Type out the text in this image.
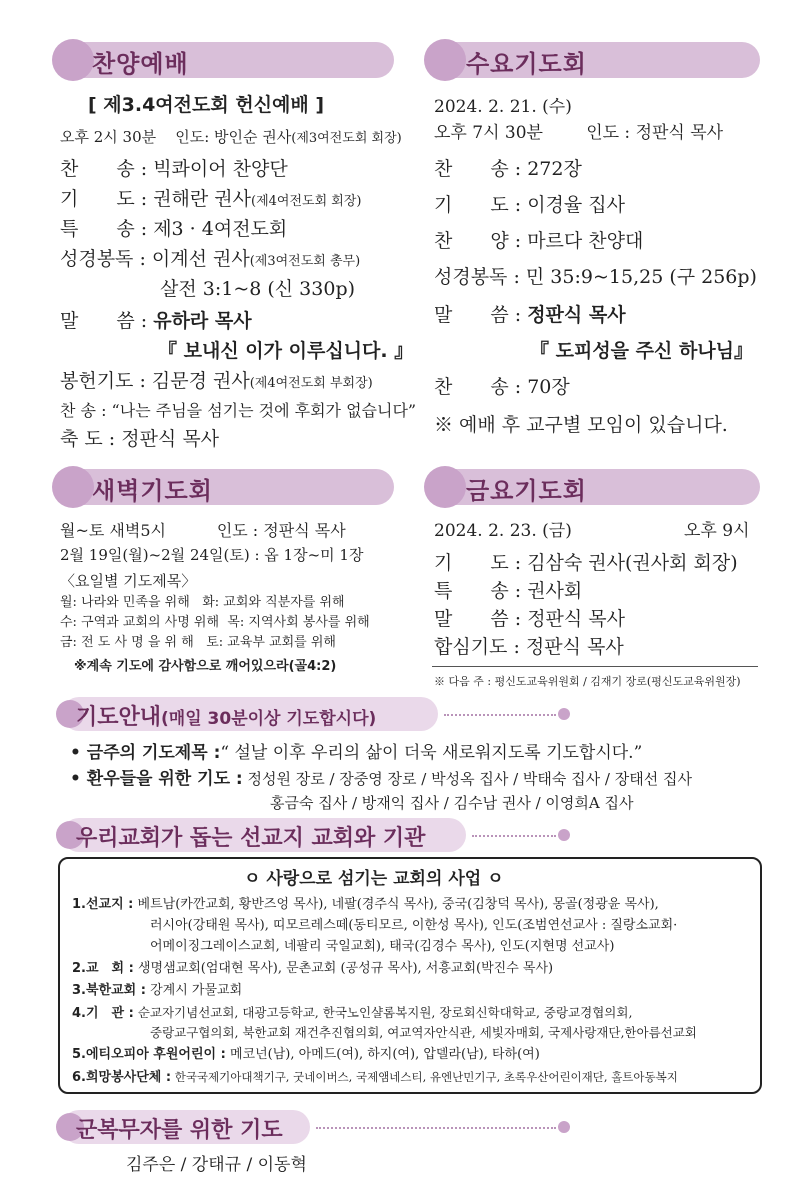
찬양예배
[ 제3.4여전도회 헌신예배 ]
오후 2시 30분 인도: 방인순 권사(제3여전도회 회장)
찬　　송 : 빅콰이어 찬양단
기　　도 : 권해란 권사(제4여전도회 회장)
특　　송 : 제3 · 4여전도회
성경봉독 : 이계선 권사(제3여전도회 총무)
살전 3:1~8 (신 330p)
말　　씀 : 유하라 목사
『 보내신 이가 이루십니다. 』
봉헌기도 : 김문경 권사(제4여전도회 부회장)
찬 송 : “나는 주님을 섬기는 것에 후회가 없습니다”
축 도 : 정판식 목사
수요기도회
2024. 2. 21. (수)
오후 7시 30분	인도 : 정판식 목사
찬　　송 : 272장
기　　도 : 이경율 집사
찬　　양 : 마르다 찬양대
성경봉독 : 민 35:9~15,25 (구 256p)
말　　씀 : 정판식 목사
『 도피성을 주신 하나님』
찬　　송 : 70장
※ 예배 후 교구별 모임이 있습니다.
새벽기도회
월~토 새벽5시	인도 : 정판식 목사
2월 19일(월)~2월 24일(토) : 옵 1장~미 1장
〈요일별 기도제목〉
월: 나라와 민족을 위해 화: 교회와 직분자를 위해
수: 구역과 교회의 사명 위해 목: 지역사회 봉사를 위해
금: 전 도 사 명 을 위 해 토: 교육부 교회를 위해
※계속 기도에 감사함으로 깨어있으라(골4:2)
금요기도회
2024. 2. 23. (금)	오후 9시
기　　도 : 김삼숙 권사(권사회 회장)
특　　송 : 권사회
말　　씀 : 정판식 목사
합심기도 : 정판식 목사
※ 다음 주 : 평신도교육위원회 / 김재기 장로(평신도교육위원장)
기도안내(매일 30분이상 기도합시다)
• 금주의 기도제목 :“ 설날 이후 우리의 삶이 더욱 새로워지도록 기도합시다.”
• 환우들을 위한 기도 : 정성원 장로 / 장중영 장로 / 박성옥 집사 / 박태숙 집사 / 장태선 집사
홍금숙 집사 / 방재익 집사 / 김수남 권사 / 이영희A 집사
우리교회가 돕는 선교지 교회와 기관
ㅇ 사랑으로 섬기는 교회의 사업 ㅇ
1.선교지 : 베트남(카깐교회, 황반즈엉 목사), 네팔(경주식 목사), 중국(김창덕 목사), 몽골(정광윤 목사),
러시아(강태원 목사), 띠모르레스떼(동티모르, 이한성 목사), 인도(조범연선교사 : 질랑소교회·
어메이징그레이스교회, 네팔리 국일교회), 태국(김경수 목사), 인도(지현명 선교사)
2.교　회 : 생명샘교회(엄대현 목사), 문촌교회 (공성규 목사), 서흥교회(박진수 목사)
3.북한교회 : 강계시 가물교회
4.기　관 : 순교자기념선교회, 대광고등학교, 한국노인샬롬복지원, 장로회신학대학교, 중랑교경협의회,
중랑교구협의회, 북한교회 재건추진협의회, 여교역자안식관, 세빛자매회, 국제사랑재단,한아름선교회
5.에티오피아 후원어린이 : 메코넌(남), 아메드(여), 하지(여), 압델라(남), 타하(여)
6.희망봉사단체 : 한국국제기아대책기구, 굿네이버스, 국제앰네스티, 유엔난민기구, 초록우산어린이재단, 홀트아동복지
군복무자를 위한 기도
김주은 / 강태규 / 이동혁
